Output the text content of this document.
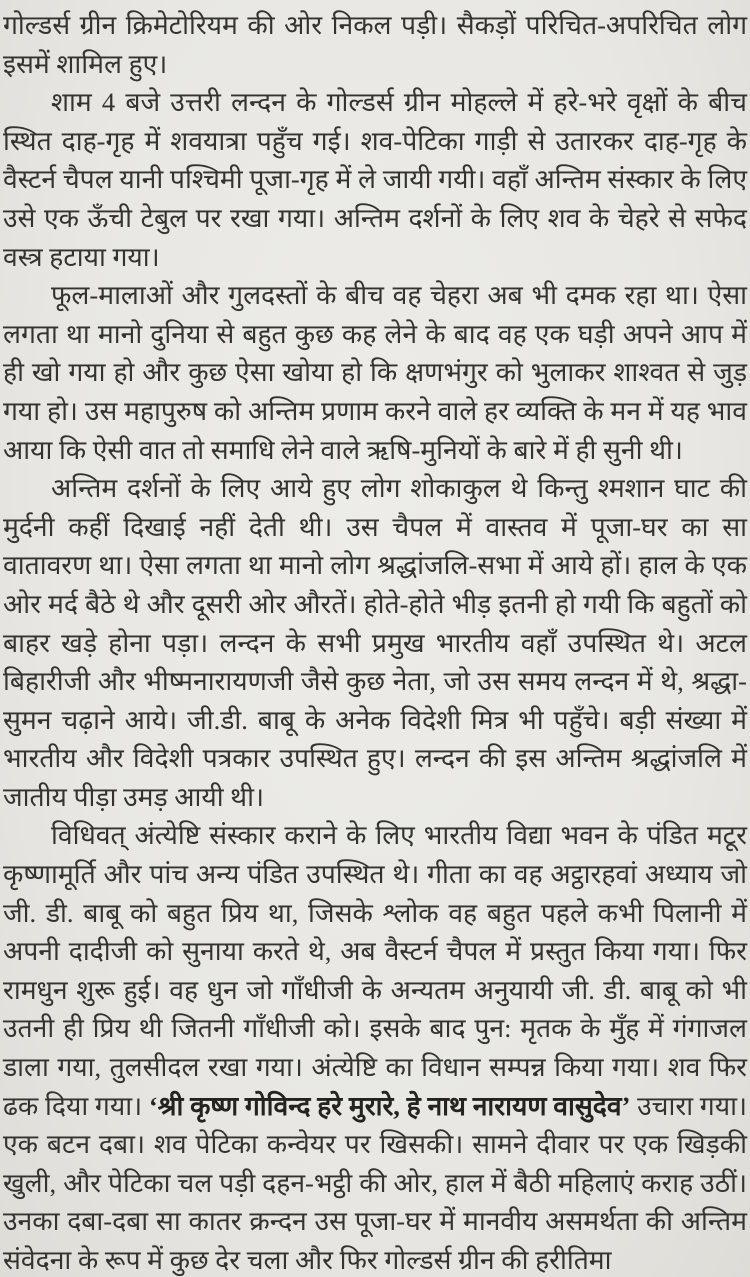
गोल्डर्स ग्रीन क्रिमेटोरियम की ओर निकल पड़ी। सैकड़ों परिचित-अपरिचित लोग इसमें शामिल हुए।

शाम 4 बजे उत्तरी लन्दन के गोल्डर्स ग्रीन मोहल्ले में हरे-भरे वृक्षों के बीच स्थित दाह-गृह में शवयात्रा पहुँच गई। शव-पेटिका गाड़ी से उतारकर दाह-गृह के वैस्टर्न चैपल यानी पश्चिमी पूजा-गृह में ले जायी गयी। वहाँ अन्तिम संस्कार के लिए उसे एक ऊँची टेबुल पर रखा गया। अन्तिम दर्शनों के लिए शव के चेहरे से सफेद वस्त्र हटाया गया।

फूल-मालाओं और गुलदस्तों के बीच वह चेहरा अब भी दमक रहा था। ऐसा लगता था मानो दुनिया से बहुत कुछ कह लेने के बाद वह एक घड़ी अपने आप में ही खो गया हो और कुछ ऐसा खोया हो कि क्षणभंगुर को भुलाकर शाश्वत से जुड़ गया हो। उस महापुरुष को अन्तिम प्रणाम करने वाले हर व्यक्ति के मन में यह भाव आया कि ऐसी वात तो समाधि लेने वाले ऋषि-मुनियों के बारे में ही सुनी थी।

अन्तिम दर्शनों के लिए आये हुए लोग शोकाकुल थे किन्तु श्मशान घाट की मुर्दनी कहीं दिखाई नहीं देती थी। उस चैपल में वास्तव में पूजा-घर का सा वातावरण था। ऐसा लगता था मानो लोग श्रद्धांजलि-सभा में आये हों। हाल के एक ओर मर्द बैठे थे और दूसरी ओर औरतें। होते-होते भीड़ इतनी हो गयी कि बहुतों को बाहर खड़े होना पड़ा। लन्दन के सभी प्रमुख भारतीय वहाँ उपस्थित थे। अटल बिहारीजी और भीष्मनारायणजी जैसे कुछ नेता, जो उस समय लन्दन में थे, श्रद्धा-सुमन चढ़ाने आये। जी.डी. बाबू के अनेक विदेशी मित्र भी पहुँचे। बड़ी संख्या में भारतीय और विदेशी पत्रकार उपस्थित हुए। लन्दन की इस अन्तिम श्रद्धांजलि में जातीय पीड़ा उमड़ आयी थी।

विधिवत् अंत्येष्टि संस्कार कराने के लिए भारतीय विद्या भवन के पंडित मटूर कृष्णामूर्ति और पांच अन्य पंडित उपस्थित थे। गीता का वह अट्ठारहवां अध्याय जो जी. डी. बाबू को बहुत प्रिय था, जिसके श्लोक वह बहुत पहले कभी पिलानी में अपनी दादीजी को सुनाया करते थे, अब वैस्टर्न चैपल में प्रस्तुत किया गया। फिर रामधुन शुरू हुई। वह धुन जो गाँधीजी के अन्यतम अनुयायी जी. डी. बाबू को भी उतनी ही प्रिय थी जितनी गाँधीजी को। इसके बाद पुन: मृतक के मुँह में गंगाजल डाला गया, तुलसीदल रखा गया। अंत्येष्टि का विधान सम्पन्न किया गया। शव फिर ढक दिया गया। ‘श्री कृष्ण गोविन्द हरे मुरारे, हे नाथ नारायण वासुदेव’ उचारा गया। एक बटन दबा। शव पेटिका कन्वेयर पर खिसकी। सामने दीवार पर एक खिड़की खुली, और पेटिका चल पड़ी दहन-भट्ठी की ओर, हाल में बैठी महिलाएं कराह उठीं। उनका दबा-दबा सा कातर क्रन्दन उस पूजा-घर में मानवीय असमर्थता की अन्तिम संवेदना के रूप में कुछ देर चला और फिर गोल्डर्स ग्रीन की हरीतिमा
